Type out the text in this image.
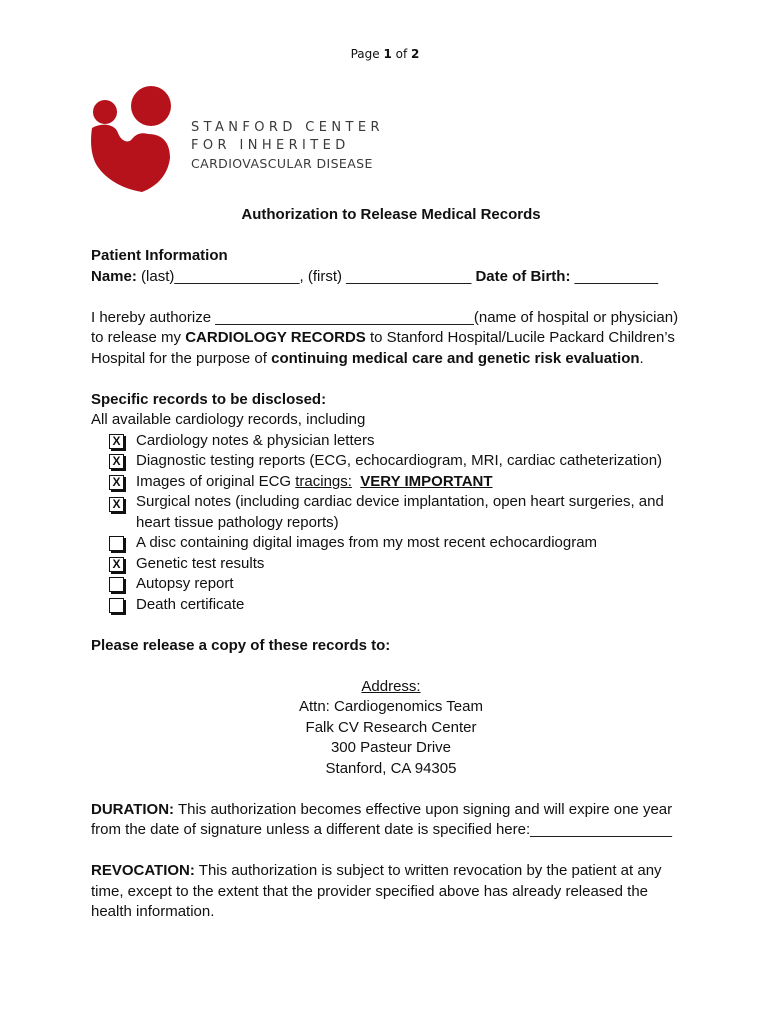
Page 1 of 2
STANFORD CENTER
FOR INHERITED
CARDIOVASCULAR DISEASE

Authorization to Release Medical Records

Patient Information

Name: (last)_______________, (first) _______________ Date of Birth: __________

I hereby authorize _______________________________(name of hospital or physician) to release my CARDIOLOGY RECORDS to Stanford Hospital/Lucile Packard Children’s Hospital for the purpose of continuing medical care and genetic risk evaluation.

Specific records to be disclosed:

All available cardiology records, including

X Cardiology notes & physician letters
X Diagnostic testing reports (ECG, echocardiogram, MRI, cardiac catheterization)
X Images of original ECG tracings: VERY IMPORTANT
X Surgical notes (including cardiac device implantation, open heart surgeries, and heart tissue pathology reports)
A disc containing digital images from my most recent echocardiogram
X Genetic test results
Autopsy report
Death certificate

Please release a copy of these records to:

Address:

Attn: Cardiogenomics Team

Falk CV Research Center

300 Pasteur Drive

Stanford, CA 94305

DURATION: This authorization becomes effective upon signing and will expire one year from the date of signature unless a different date is specified here:_________________

REVOCATION: This authorization is subject to written revocation by the patient at any time, except to the extent that the provider specified above has already released the health information.
